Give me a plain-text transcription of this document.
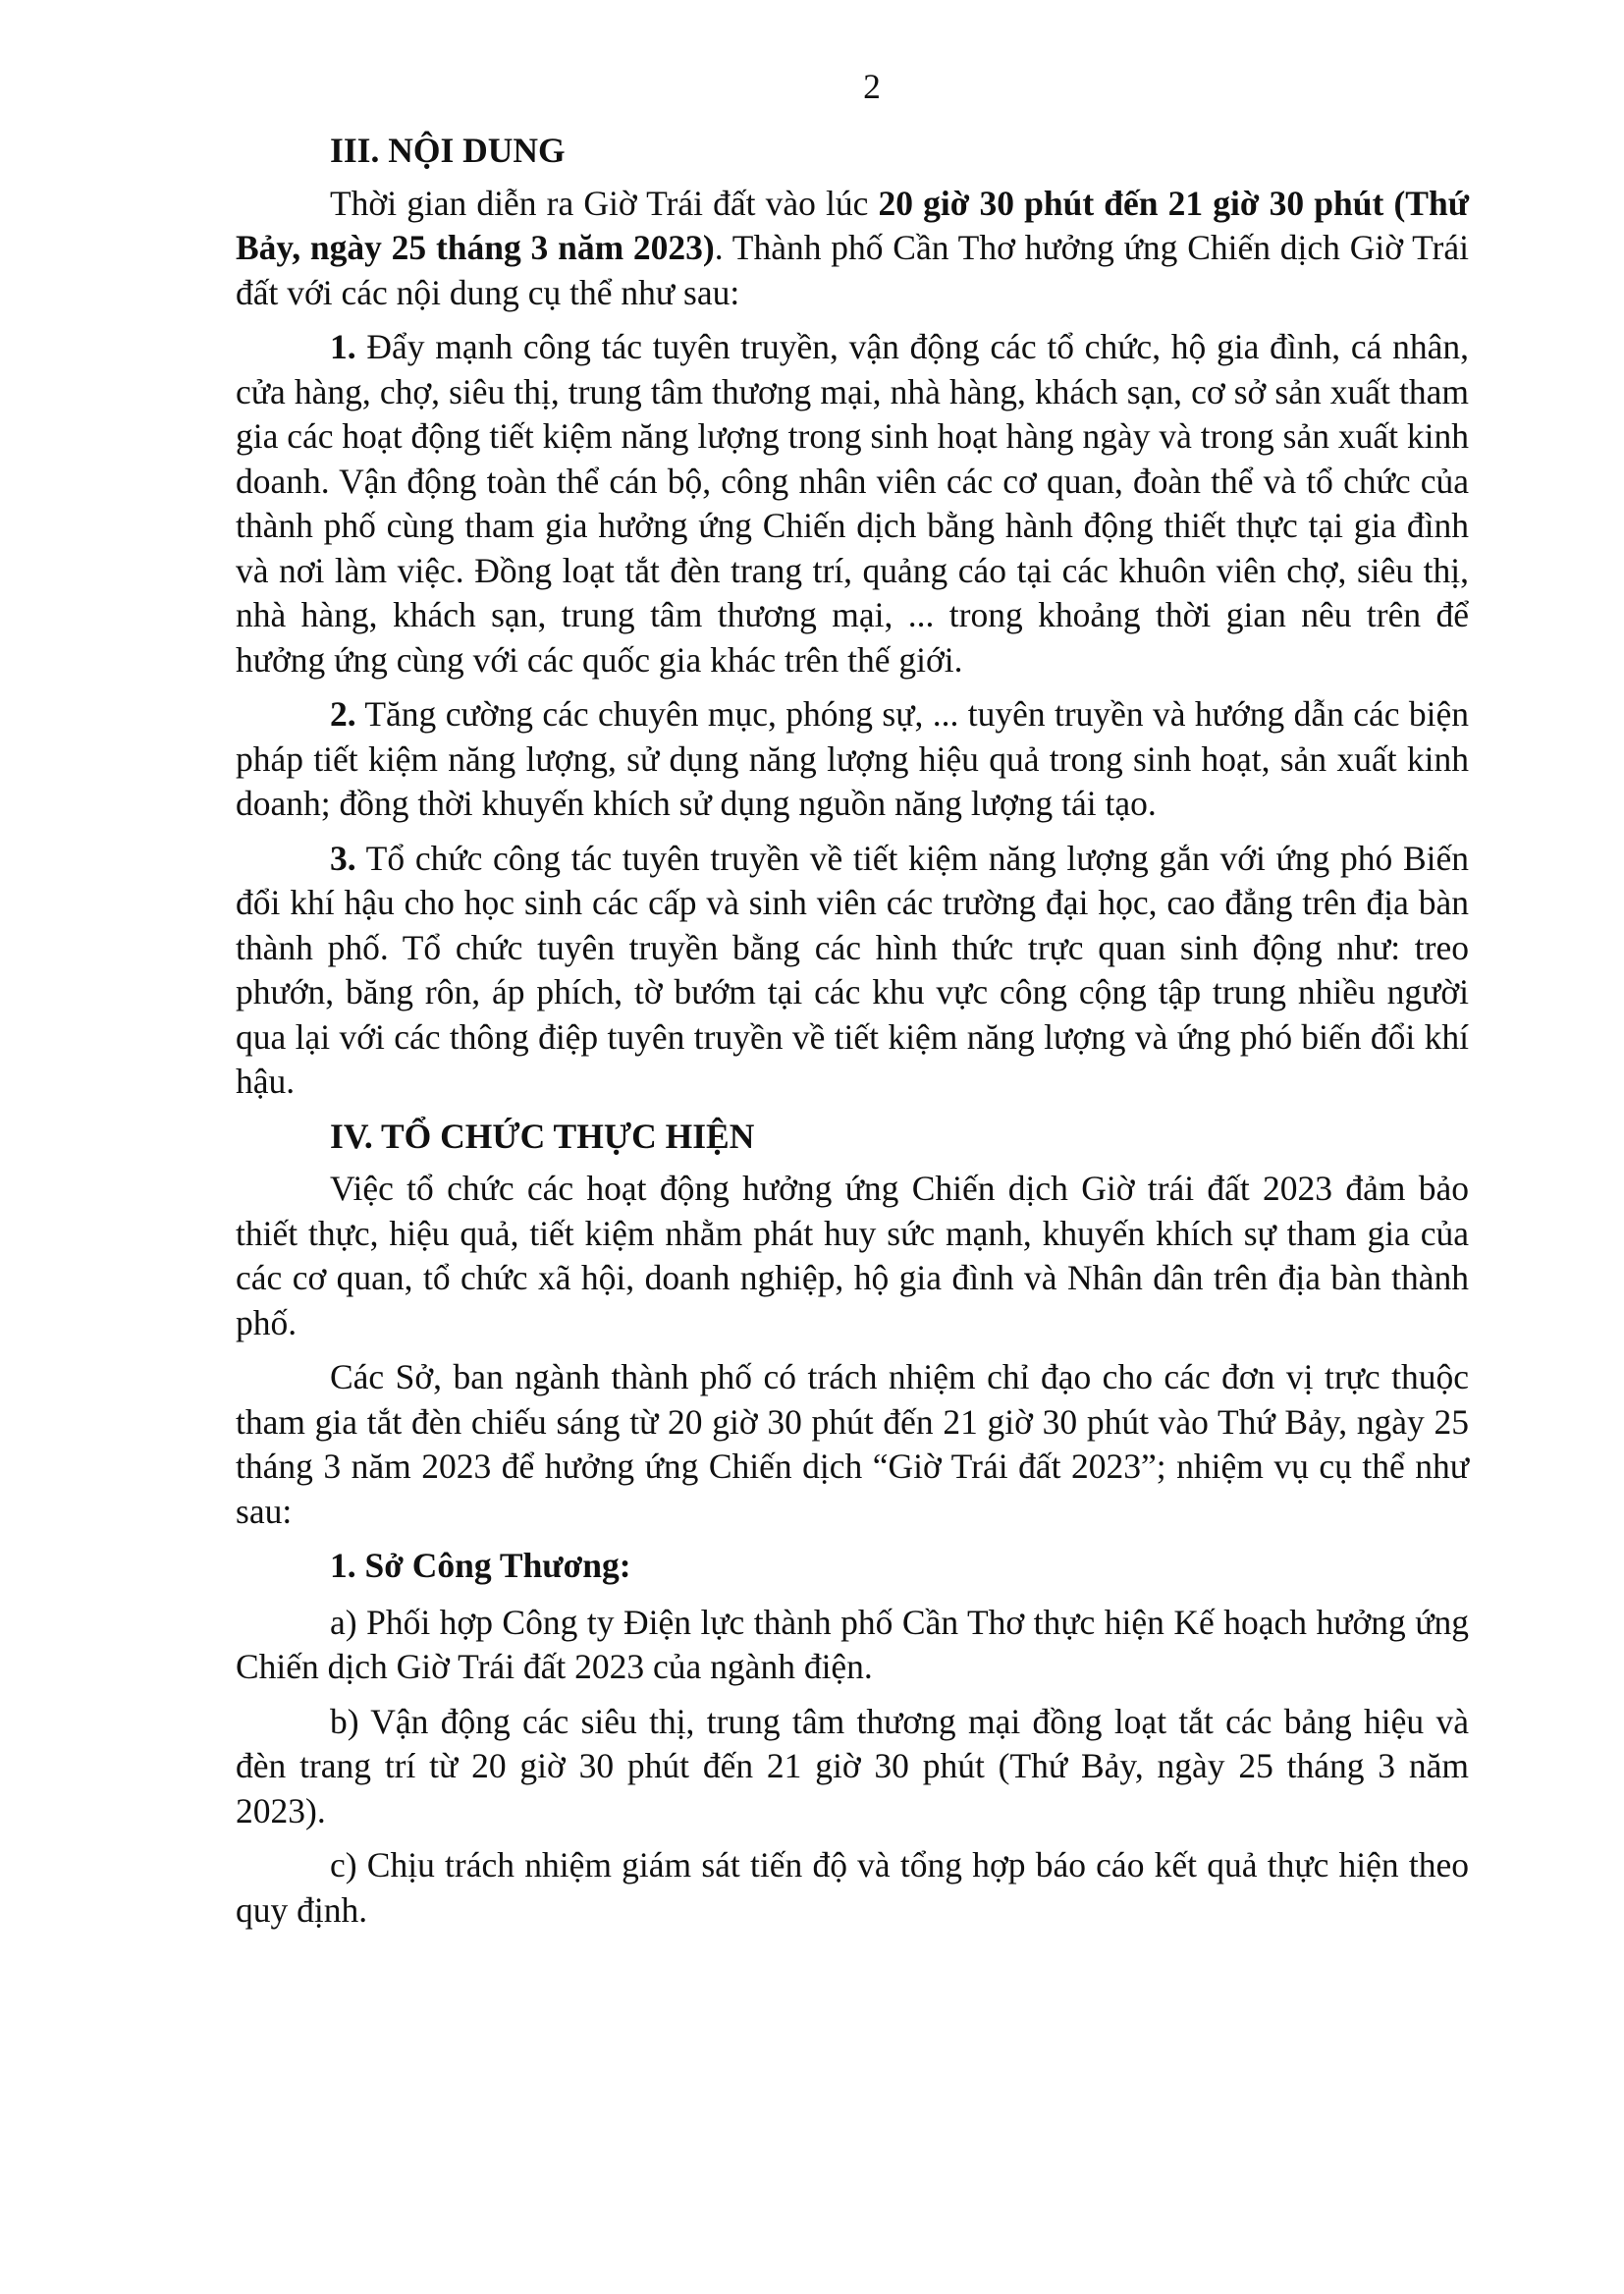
2
III. NỘI DUNG

Thời gian diễn ra Giờ Trái đất vào lúc 20 giờ 30 phút đến 21 giờ 30 phút (Thứ Bảy, ngày 25 tháng 3 năm 2023). Thành phố Cần Thơ hưởng ứng Chiến dịch Giờ Trái đất với các nội dung cụ thể như sau:

1. Đẩy mạnh công tác tuyên truyền, vận động các tổ chức, hộ gia đình, cá nhân, cửa hàng, chợ, siêu thị, trung tâm thương mại, nhà hàng, khách sạn, cơ sở sản xuất tham gia các hoạt động tiết kiệm năng lượng trong sinh hoạt hàng ngày và trong sản xuất kinh doanh. Vận động toàn thể cán bộ, công nhân viên các cơ quan, đoàn thể và tổ chức của thành phố cùng tham gia hưởng ứng Chiến dịch bằng hành động thiết thực tại gia đình và nơi làm việc. Đồng loạt tắt đèn trang trí, quảng cáo tại các khuôn viên chợ, siêu thị, nhà hàng, khách sạn, trung tâm thương mại, ... trong khoảng thời gian nêu trên để hưởng ứng cùng với các quốc gia khác trên thế giới.

2. Tăng cường các chuyên mục, phóng sự, ... tuyên truyền và hướng dẫn các biện pháp tiết kiệm năng lượng, sử dụng năng lượng hiệu quả trong sinh hoạt, sản xuất kinh doanh; đồng thời khuyến khích sử dụng nguồn năng lượng tái tạo.

3. Tổ chức công tác tuyên truyền về tiết kiệm năng lượng gắn với ứng phó Biến đổi khí hậu cho học sinh các cấp và sinh viên các trường đại học, cao đẳng trên địa bàn thành phố. Tổ chức tuyên truyền bằng các hình thức trực quan sinh động như: treo phướn, băng rôn, áp phích, tờ bướm tại các khu vực công cộng tập trung nhiều người qua lại với các thông điệp tuyên truyền về tiết kiệm năng lượng và ứng phó biến đổi khí hậu.

IV. TỔ CHỨC THỰC HIỆN

Việc tổ chức các hoạt động hưởng ứng Chiến dịch Giờ trái đất 2023 đảm bảo thiết thực, hiệu quả, tiết kiệm nhằm phát huy sức mạnh, khuyến khích sự tham gia của các cơ quan, tổ chức xã hội, doanh nghiệp, hộ gia đình và Nhân dân trên địa bàn thành phố.

Các Sở, ban ngành thành phố có trách nhiệm chỉ đạo cho các đơn vị trực thuộc tham gia tắt đèn chiếu sáng từ 20 giờ 30 phút đến 21 giờ 30 phút vào Thứ Bảy, ngày 25 tháng 3 năm 2023 để hưởng ứng Chiến dịch “Giờ Trái đất 2023”; nhiệm vụ cụ thể như sau:

1. Sở Công Thương:

a) Phối hợp Công ty Điện lực thành phố Cần Thơ thực hiện Kế hoạch hưởng ứng Chiến dịch Giờ Trái đất 2023 của ngành điện.

b) Vận động các siêu thị, trung tâm thương mại đồng loạt tắt các bảng hiệu và đèn trang trí từ 20 giờ 30 phút đến 21 giờ 30 phút (Thứ Bảy, ngày 25 tháng 3 năm 2023).

c) Chịu trách nhiệm giám sát tiến độ và tổng hợp báo cáo kết quả thực hiện theo quy định.
